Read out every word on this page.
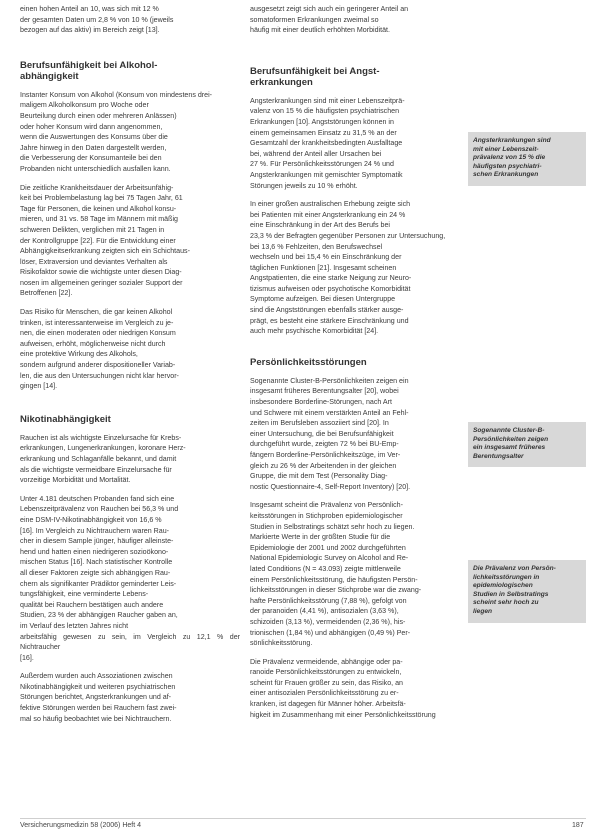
einen hohen Anteil an 10, was sich mit 12 %
der gesamten Daten um 2,8 % von 10 % (jeweils
bezogen auf das aktiv) im Bereich zeigt [13].

Berufsunfähigkeit bei Alkohol-
abhängigkeit

Instanter Konsum von Alkohol (Konsum von mindestens drei-
maligem Alkoholkonsum pro Woche oder
Beurteilung durch einen oder mehreren Anlässen)
oder hoher Konsum wird dann angenommen,
wenn die Auswertungen des Konsums über die
Jahre hinweg in den Daten dargestellt werden,
die Verbesserung der Konsumanteile bei den
Probanden nicht unterschiedlich ausfallen kann.

Die zeitliche Krankheitsdauer der Arbeitsunfähig-
keit bei Problembelastung lag bei 75 Tagen Jahr, 61
Tage für Personen, die keinen und Alkohol konsu-
mieren, und 31 vs. 58 Tage im Männern mit mäßig
schweren Delikten, verglichen mit 21 Tagen in
der Kontrollgruppe [22]. Für die Entwicklung einer
Abhängigkeitserkrankung zeigten sich ein Schichtaus-
löser, Extraversion und deviantes Verhalten als
Risikofaktor sowie die wichtigste unter diesen Diag-
nosen im allgemeinen geringer sozialer Support der
Betroffenen [22].

Das Risiko für Menschen, die gar keinen Alkohol
trinken, ist interessanterweise im Vergleich zu je-
nen, die einen moderaten oder niedrigen Konsum
aufweisen, erhöht, möglicherweise nicht durch
eine protektive Wirkung des Alkohols,
sondern aufgrund anderer dispositioneller Variab-
len, die aus den Untersuchungen nicht klar hervor-
gingen [14].

Nikotinabhängigkeit

Rauchen ist als wichtigste Einzelursache für Krebs-
erkrankungen, Lungenerkrankungen, koronare Herz-
erkrankung und Schlaganfälle bekannt, und damit
als die wichtigste vermeidbare Einzelursache für
vorzeitige Morbidität und Mortalität.

Unter 4.181 deutschen Probanden fand sich eine
Lebenszeitprävalenz von Rauchen bei 56,3 % und
eine DSM-IV-Nikotinabhängigkeit von 16,6 %
[16]. Im Vergleich zu Nichtrauchern waren Rau-
cher in diesem Sample jünger, häufiger alleinste-
hend und hatten einen niedrigeren sozioökono-
mischen Status [16]. Nach statistischer Kontrolle
all dieser Faktoren zeigte sich abhängigen Rau-
chern als signifikanter Prädiktor geminderter Leis-
tungsfähigkeit, eine verminderte Lebens-
qualität bei Rauchern bestätigen auch andere
Studien, 23 % der abhängigen Raucher gaben an,
im Verlauf des letzten Jahres nicht
arbeitsfähig gewesen zu sein, im Vergleich zu 12,1 % der Nichtraucher
[16].

Außerdem wurden auch Assoziationen zwischen
Nikotinabhängigkeit und weiteren psychiatrischen
Störungen berichtet, Angsterkrankungen und af-
fektive Störungen werden bei Rauchern fast zwei-
mal so häufig beobachtet wie bei Nichtrauchern.

ausgesetzt zeigt sich auch ein geringerer Anteil an
somatoformen Erkrankungen zweimal so
häufig mit einer deutlich erhöhten Morbidität.

Berufsunfähigkeit bei Angst-
erkrankungen

Angsterkrankungen sind mit einer Lebenszeitprä-
valenz von 15 % die häufigsten psychiatrischen
Erkrankungen [10]. Angststörungen können in
einem gemeinsamen Einsatz zu 31,5 % an der
Gesamtzahl der krankheitsbedingten Ausfalltage
bei, während der Anteil aller Ursachen bei
27 %. Für Persönlichkeitsstörungen 24 % und
Angsterkrankungen mit gemischter Symptomatik
Störungen jeweils zu 10 % erhöht.

In einer großen australischen Erhebung zeigte sich
bei Patienten mit einer Angsterkrankung ein 24 %
eine Einschränkung in der Art des Berufs bei
23,3 % der Befragten gegenüber Personen zur Untersuchung,
bei 13,6 % Fehlzeiten, den Berufswechsel
wechseln und bei 15,4 % ein Einschränkung der
täglichen Funktionen [21]. Insgesamt scheinen
Angstpatienten, die eine starke Neigung zur Neuro-
tizismus aufweisen oder psychotische Komorbidität
Symptome aufzeigen. Bei diesen Untergruppe
sind die Angststörungen ebenfalls stärker ausge-
prägt, es besteht eine stärkere Einschränkung und
auch mehr psychische Komorbidität [24].

Persönlichkeitsstörungen

Sogenannte Cluster-B-Persönlichkeiten zeigen ein
insgesamt früheres Berentungsalter [20], wobei
insbesondere Borderline-Störungen, nach Art
und Schwere mit einem verstärkten Anteil an Fehl-
zeiten im Berufsleben assoziiert sind [20]. In
einer Untersuchung, die bei Berufsunfähigkeit
durchgeführt wurde, zeigten 72 % bei BU-Emp-
fängern Borderline-Persönlichkeitszüge, im Ver-
gleich zu 26 % der Arbeitenden in der gleichen
Gruppe, die mit dem Test (Personality Diag-
nostic Questionnaire-4, Self-Report Inventory) [20].

Insgesamt scheint die Prävalenz von Persönlich-
keitsstörungen in Stichproben epidemiologischer
Studien in Selbstratings schätzt sehr hoch zu liegen.
Markierte Werte in der größten Studie für die
Epidemiologie der 2001 und 2002 durchgeführten
National Epidemiologic Survey on Alcohol and Re-
lated Conditions (N = 43.093) zeigte mittlerweile
einem Persönlichkeitsstörung, die häufigsten Persön-
lichkeitsstörungen in dieser Stichprobe war die zwang-
hafte Persönlichkeitsstörung (7,88 %), gefolgt von
der paranoiden (4,41 %), antisozialen (3,63 %),
schizoiden (3,13 %), vermeidenden (2,36 %), his-
trionischen (1,84 %) und abhängigen (0,49 %) Per-
sönlichkeitsstörung.

Die Prävalenz vermeidende, abhängige oder pa-
ranoide Persönlichkeitsstörungen zu entwickeln,
scheint für Frauen größer zu sein, das Risiko, an
einer antisozialen Persönlichkeitsstörung zu er-
kranken, ist dagegen für Männer höher. Arbeitsfä-
higkeit im Zusammenhang mit einer Persönlichkeitsstörung

Angsterkrankungen sind
mit einer Lebenszeit-
prävalenz von 15 % die
häufigsten psychiatri-
schen Erkrankungen
Sogenannte Cluster-B-
Persönlichkeiten zeigen
ein insgesamt früheres
Berentungsalter
Die Prävalenz von Persön-
lichkeitsstörungen in
epidemiologischen
Studien in Selbstratings
scheint sehr hoch zu
liegen
Versicherungsmedizin 58 (2006) Heft 4	187
